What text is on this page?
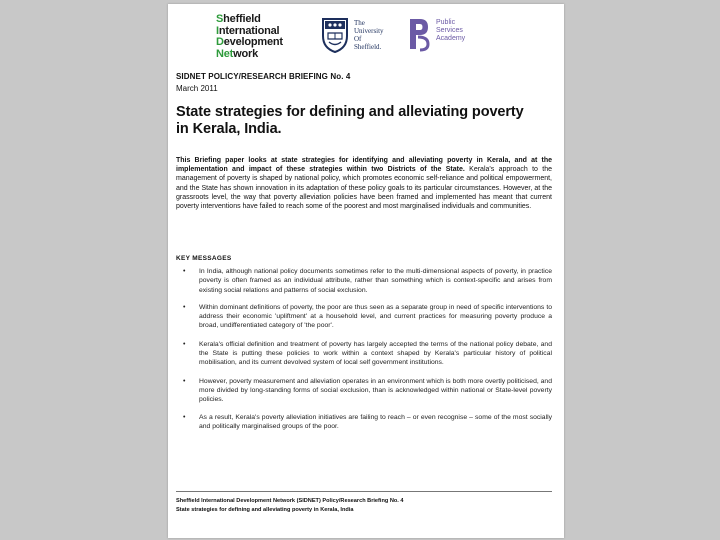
Sheffield
International
Development
Network
The
University
Of
Sheffield.
Public
Services
Academy
SIDNET POLICY/RESEARCH BRIEFING No. 4
March 2011
State strategies for defining and alleviating poverty in Kerala, India.

This Briefing paper looks at state strategies for identifying and alleviating poverty in Kerala, and at the implementation and impact of these strategies within two Districts of the State. Kerala's approach to the management of poverty is shaped by national policy, which promotes economic self-reliance and political empowerment, and the State has shown innovation in its adaptation of these policy goals to its particular circumstances. However, at the grassroots level, the way that poverty alleviation policies have been framed and implemented has meant that current poverty interventions have failed to reach some of the poorest and most marginalised individuals and communities.

KEY MESSAGES
• In India, although national policy documents sometimes refer to the multi-dimensional aspects of poverty, in practice poverty is often framed as an individual attribute, rather than something which is context-specific and arises from existing social relations and patterns of social exclusion.
• Within dominant definitions of poverty, the poor are thus seen as a separate group in need of specific interventions to address their economic 'upliftment' at a household level, and current practices for measuring poverty produce a broad, undifferentiated category of 'the poor'.
• Kerala's official definition and treatment of poverty has largely accepted the terms of the national policy debate, and the State is putting these policies to work within a context shaped by Kerala's particular history of political mobilisation, and its current devolved system of local self government institutions.
• However, poverty measurement and alleviation operates in an environment which is both more overtly politicised, and more divided by long-standing forms of social exclusion, than is acknowledged within national or State-level poverty policies.
• As a result, Kerala's poverty alleviation initiatives are failing to reach – or even recognise – some of the most socially and politically marginalised groups of the poor.
Sheffield International Development Network (SIDNET) Policy/Research Briefing No. 4
State strategies for defining and alleviating poverty in Kerala, India
